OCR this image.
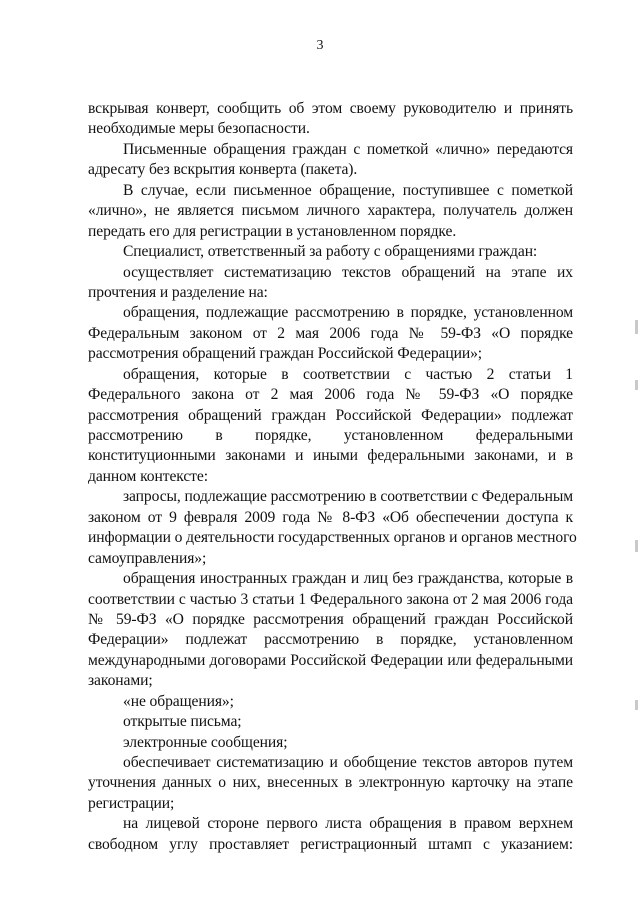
3
вскрывая конверт, сообщить об этом своему руководителю и принять
необходимые меры безопасности.
Письменные обращения граждан с пометкой «лично» передаются
адресату без вскрытия конверта (пакета).
В случае, если письменное обращение, поступившее с пометкой
«лично», не является письмом личного характера, получатель должен
передать его для регистрации в установленном порядке.
Специалист, ответственный за работу с обращениями граждан:
осуществляет систематизацию текстов обращений на этапе их
прочтения и разделение на:
обращения, подлежащие рассмотрению в порядке, установленном
Федеральным законом от 2 мая 2006 года № 59-ФЗ «О порядке
рассмотрения обращений граждан Российской Федерации»;
обращения, которые в соответствии с частью 2 статьи 1
Федерального закона от 2 мая 2006 года № 59-ФЗ «О порядке
рассмотрения обращений граждан Российской Федерации» подлежат
рассмотрению в порядке, установленном федеральными
конституционными законами и иными федеральными законами, и в
данном контексте:
запросы, подлежащие рассмотрению в соответствии с Федеральным
законом от 9 февраля 2009 года № 8-ФЗ «Об обеспечении доступа к
информации о деятельности государственных органов и органов местного
самоуправления»;
обращения иностранных граждан и лиц без гражданства, которые в
соответствии с частью 3 статьи 1 Федерального закона от 2 мая 2006 года
№ 59-ФЗ «О порядке рассмотрения обращений граждан Российской
Федерации» подлежат рассмотрению в порядке, установленном
международными договорами Российской Федерации или федеральными
законами;
«не обращения»;
открытые письма;
электронные сообщения;
обеспечивает систематизацию и обобщение текстов авторов путем
уточнения данных о них, внесенных в электронную карточку на этапе
регистрации;
на лицевой стороне первого листа обращения в правом верхнем
свободном углу проставляет регистрационный штамп с указанием:
